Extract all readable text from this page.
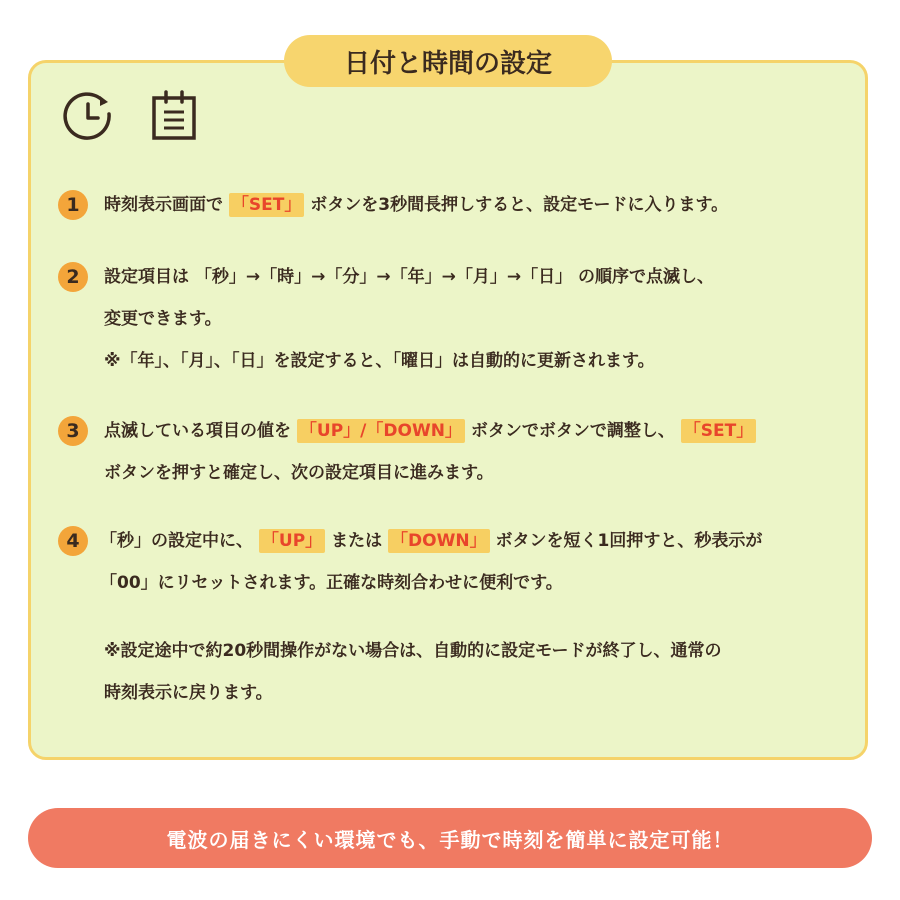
日付と時間の設定
1	時刻表示画面で 「SET」 ボタンを3秒間長押しすると、設定モードに入ります。
2	設定項目は 「秒」→「時」→「分」→「年」→「月」→「日」 の順序で点滅し、
変更できます。
※「年」、「月」、「日」を設定すると、「曜日」は自動的に更新されます。
3	点滅している項目の値を 「UP」/「DOWN」 ボタンでボタンで調整し、 「SET」
ボタンを押すと確定し、次の設定項目に進みます。
4	「秒」の設定中に、 「UP」 または 「DOWN」 ボタンを短く1回押すと、秒表示が
「00」にリセットされます。正確な時刻合わせに便利です。
※設定途中で約20秒間操作がない場合は、自動的に設定モードが終了し、通常の
時刻表示に戻ります。
電波の届きにくい環境でも、手動で時刻を簡単に設定可能！
